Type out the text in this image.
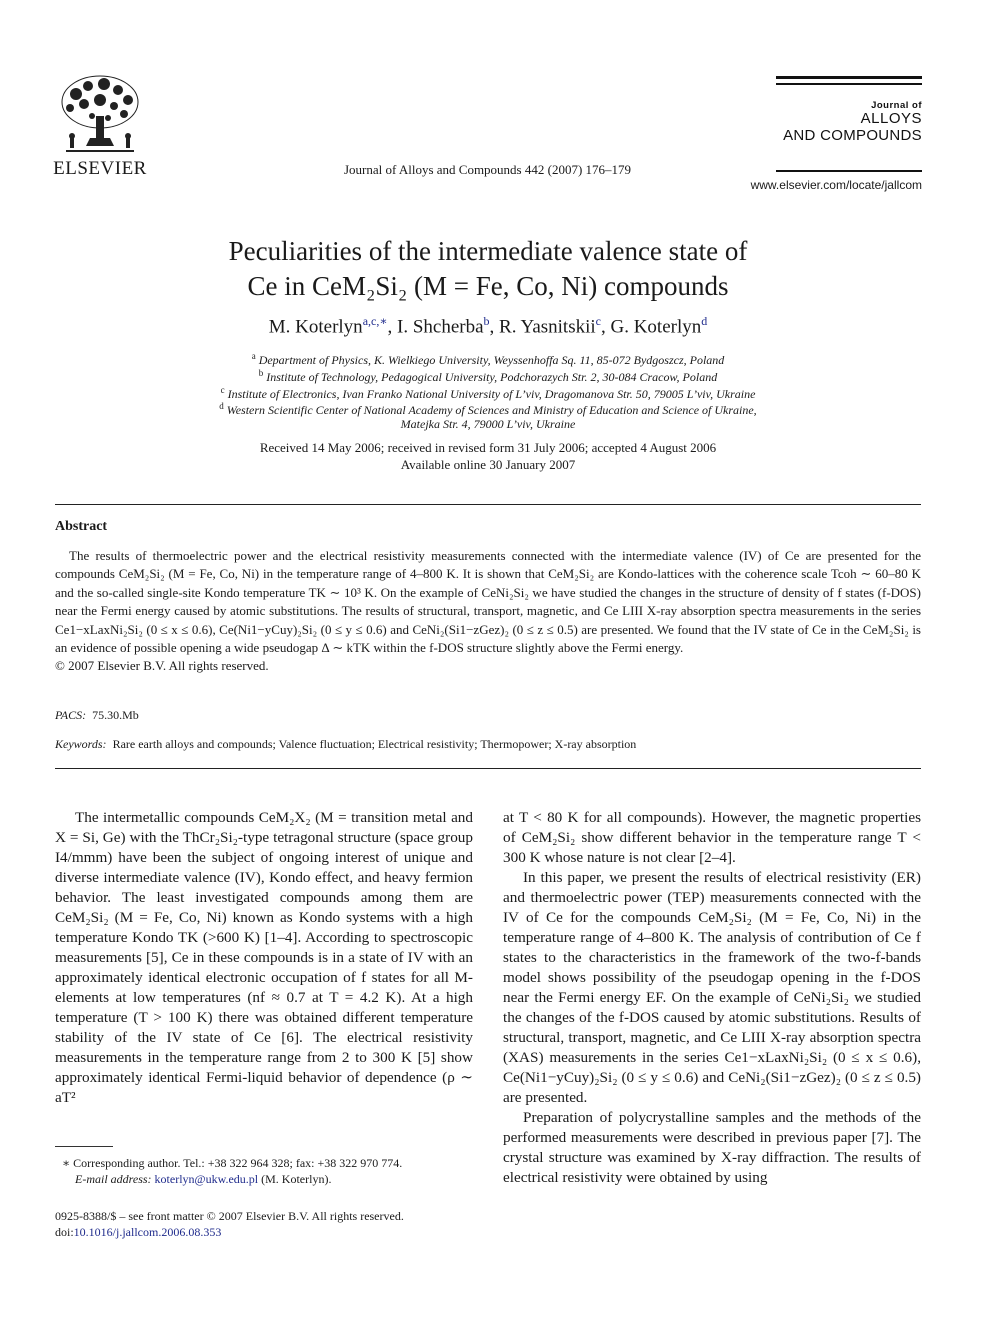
ELSEVIER	Journal of Alloys and Compounds 442 (2007) 176–179
Journal of
ALLOYS
AND COMPOUNDS
www.elsevier.com/locate/jallcom
Peculiarities of the intermediate valence state of
Ce in CeM₂Si₂ (M = Fe, Co, Ni) compounds
M. Koterlyn$^{a,c,∗}$, I. Shcherba$^b$, R. Yasnitskii$^c$, G. Koterlyn$^d$
$^a$ Department of Physics, K. Wielkiego University, Weyssenhoffa Sq. 11, 85-072 Bydgoszcz, Poland
$^b$ Institute of Technology, Pedagogical University, Podchorazych Str. 2, 30-084 Cracow, Poland
$^c$ Institute of Electronics, Ivan Franko National University of L’viv, Dragomanova Str. 50, 79005 L’viv, Ukraine
$^d$ Western Scientific Center of National Academy of Sciences and Ministry of Education and Science of Ukraine,
Matejka Str. 4, 79000 L’viv, Ukraine
Received 14 May 2006; received in revised form 31 July 2006; accepted 4 August 2006
Available online 30 January 2007
Abstract

The results of thermoelectric power and the electrical resistivity measurements connected with the intermediate valence (IV) of Ce are presented for the compounds CeM₂Si₂ (M = Fe, Co, Ni) in the temperature range of 4–800 K. It is shown that CeM₂Si₂ are Kondo-lattices with the coherence scale Tcoh ∼ 60–80 K and the so-called single-site Kondo temperature TK ∼ 10³ K. On the example of CeNi₂Si₂ we have studied the changes in the structure of density of f states (f-DOS) near the Fermi energy caused by atomic substitutions. The results of structural, transport, magnetic, and Ce LIII X-ray absorption spectra measurements in the series Ce1−xLaxNi₂Si₂ (0 ≤ x ≤ 0.6), Ce(Ni1−yCuy)₂Si₂ (0 ≤ y ≤ 0.6) and CeNi₂(Si1−zGez)₂ (0 ≤ z ≤ 0.5) are presented. We found that the IV state of Ce in the CeM₂Si₂ is an evidence of possible opening a wide pseudogap Δ ∼ kTK within the f-DOS structure slightly above the Fermi energy.

© 2007 Elsevier B.V. All rights reserved.

PACS: 75.30.Mb
Keywords: Rare earth alloys and compounds; Valence fluctuation; Electrical resistivity; Thermopower; X-ray absorption

The intermetallic compounds CeM₂X₂ (M = transition metal and X = Si, Ge) with the ThCr₂Si₂-type tetragonal structure (space group I4/mmm) have been the subject of ongoing interest of unique and diverse intermediate valence (IV), Kondo effect, and heavy fermion behavior. The least investigated compounds among them are CeM₂Si₂ (M = Fe, Co, Ni) known as Kondo systems with a high temperature Kondo TK (>600 K) [1–4]. According to spectroscopic measurements [5], Ce in these compounds is in a state of IV with an approximately identical electronic occupation of f states for all M-elements at low temperatures (nf ≈ 0.7 at T = 4.2 K). At a high temperature (T > 100 K) there was obtained different temperature stability of the IV state of Ce [6]. The electrical resistivity measurements in the temperature range from 2 to 300 K [5] show approximately identical Fermi-liquid behavior of dependence (ρ ∼ aT²

at T < 80 K for all compounds). However, the magnetic properties of CeM₂Si₂ show different behavior in the temperature range T < 300 K whose nature is not clear [2–4].

In this paper, we present the results of electrical resistivity (ER) and thermoelectric power (TEP) measurements connected with the IV of Ce for the compounds CeM₂Si₂ (M = Fe, Co, Ni) in the temperature range of 4–800 K. The analysis of contribution of Ce f states to the characteristics in the framework of the two-f-bands model shows possibility of the pseudogap opening in the f-DOS near the Fermi energy EF. On the example of CeNi₂Si₂ we studied the changes of the f-DOS caused by atomic substitutions. Results of structural, transport, magnetic, and Ce LIII X-ray absorption spectra (XAS) measurements in the series Ce1−xLaxNi₂Si₂ (0 ≤ x ≤ 0.6), Ce(Ni1−yCuy)₂Si₂ (0 ≤ y ≤ 0.6) and CeNi₂(Si1−zGez)₂ (0 ≤ z ≤ 0.5) are presented.

Preparation of polycrystalline samples and the methods of the performed measurements were described in previous paper [7]. The crystal structure was examined by X-ray diffraction. The results of electrical resistivity were obtained by using

∗ Corresponding author. Tel.: +38 322 964 328; fax: +38 322 970 774.
E-mail address: koterlyn@ukw.edu.pl (M. Koterlyn).
0925-8388/$ – see front matter © 2007 Elsevier B.V. All rights reserved.
doi:10.1016/j.jallcom.2006.08.353
